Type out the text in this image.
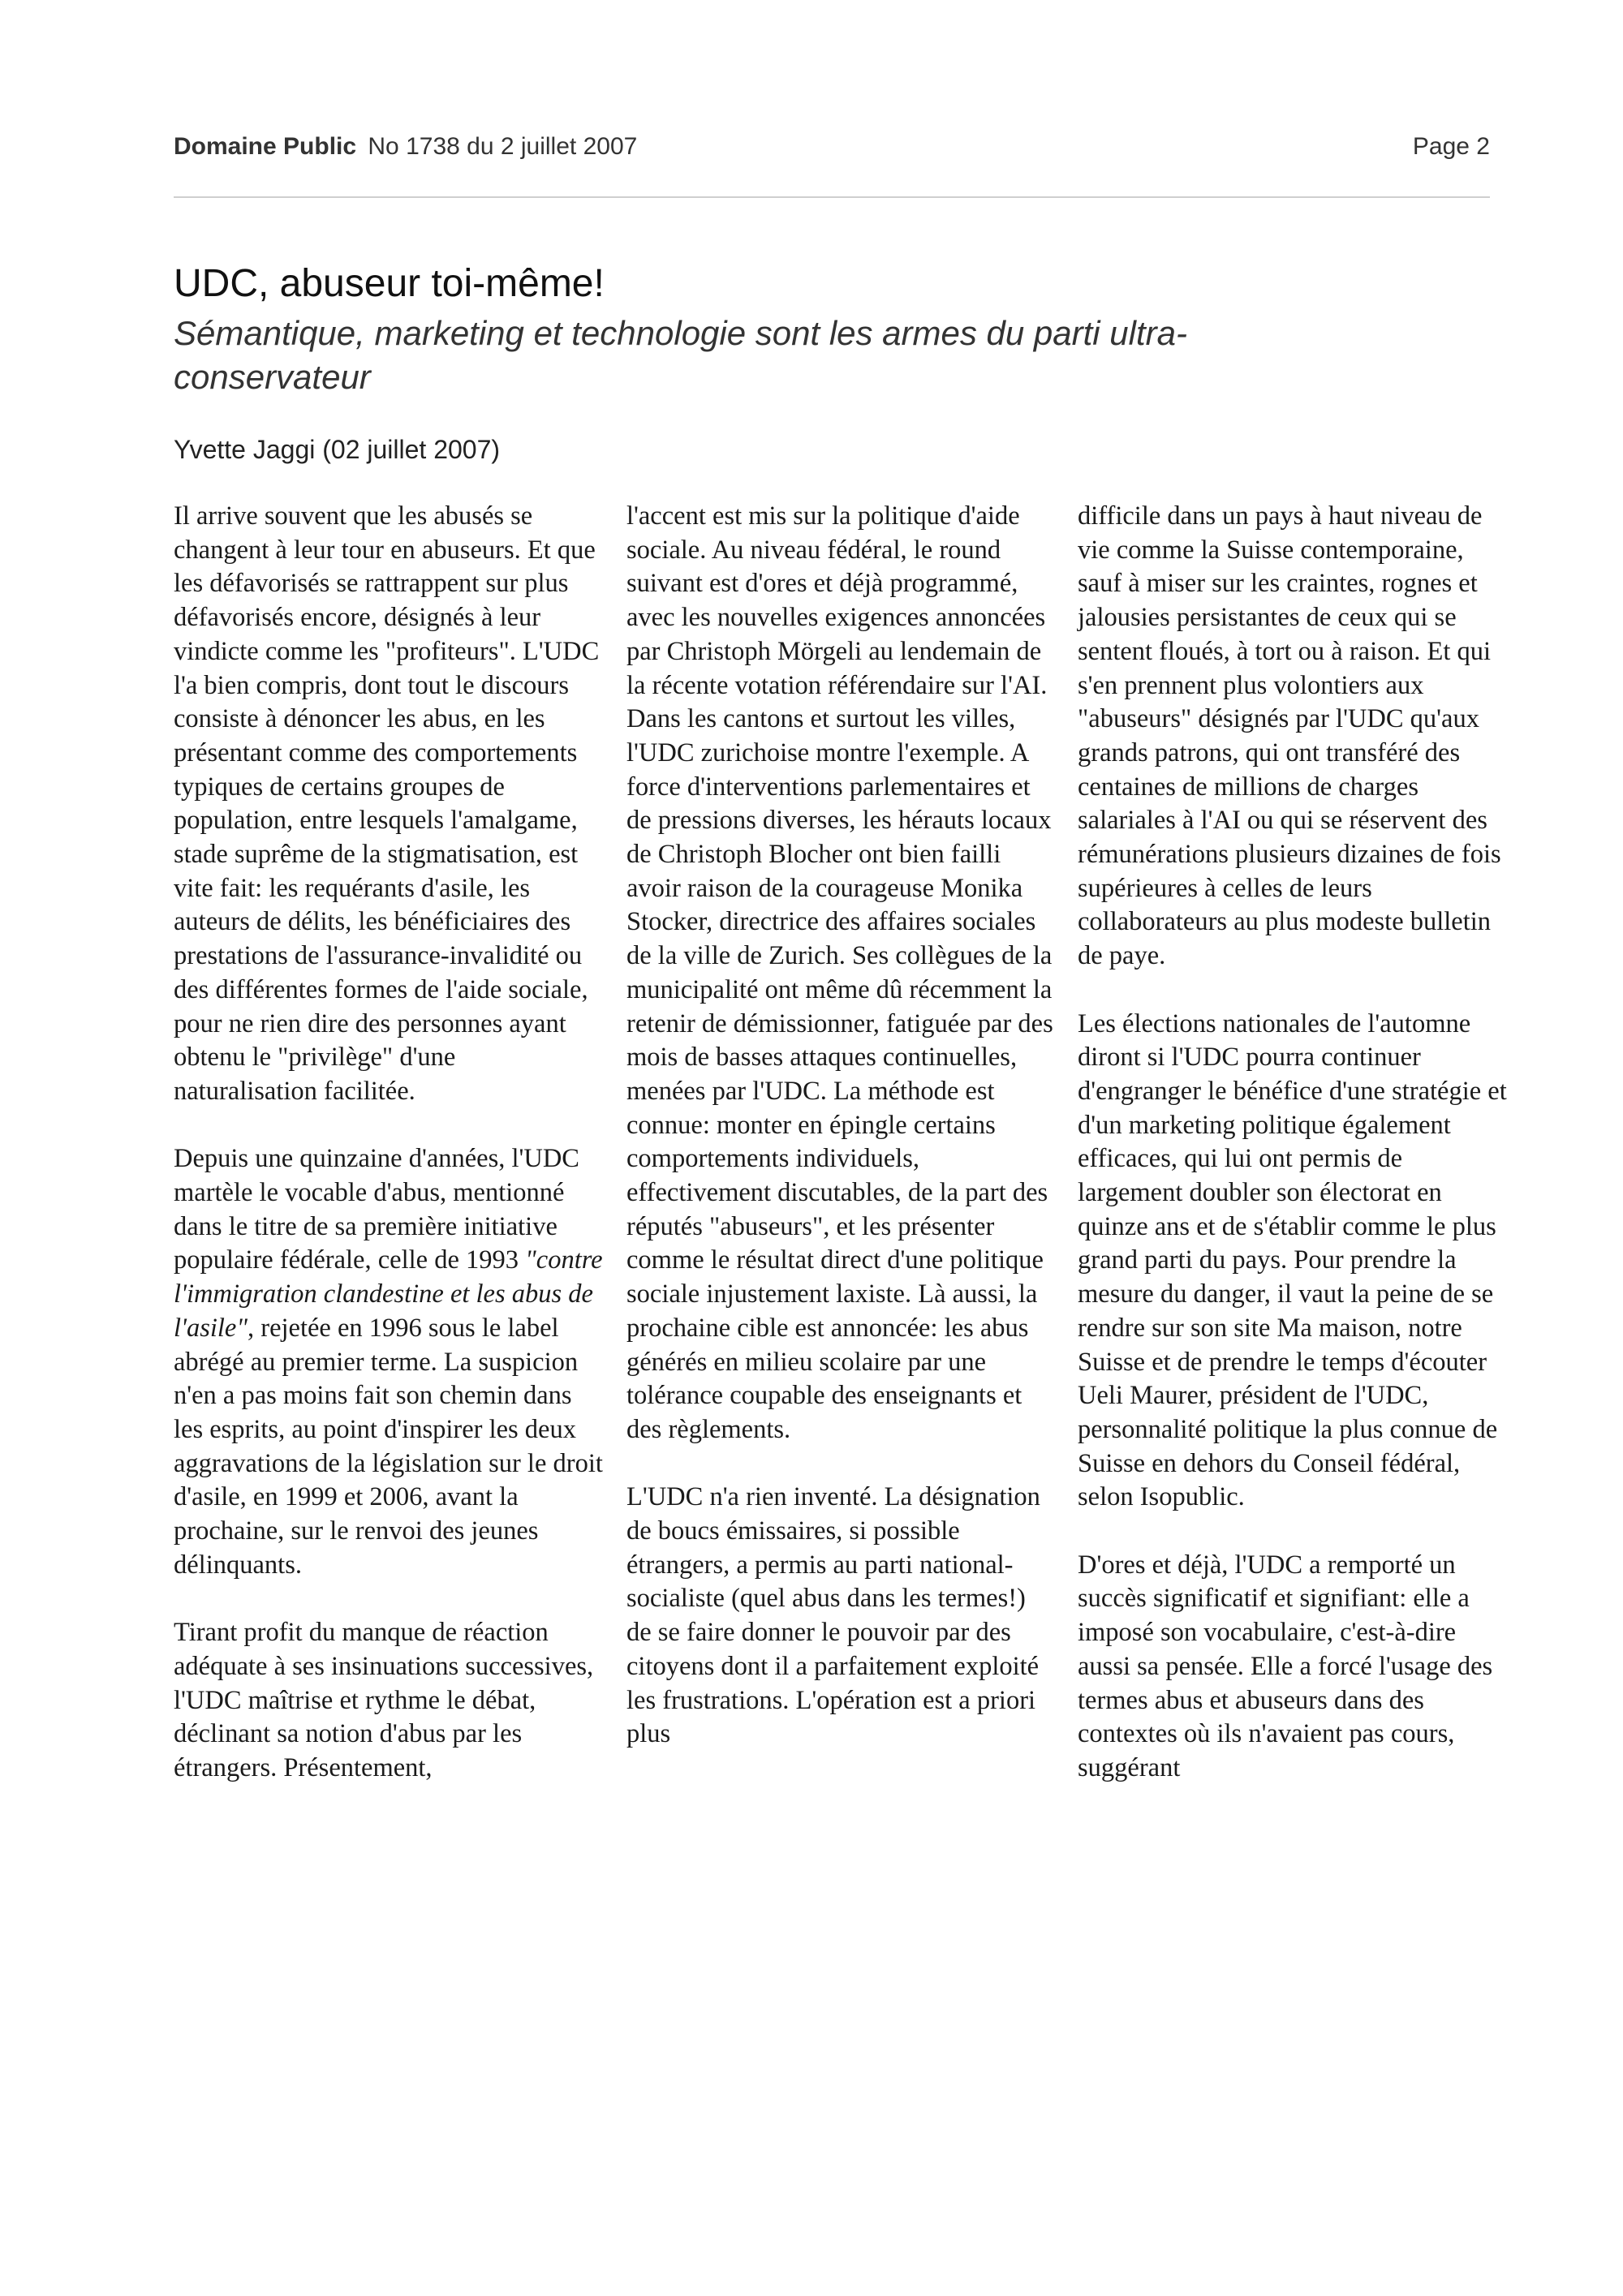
Domaine Public No 1738 du 2 juillet 2007	Page 2
UDC, abuseur toi-même!
Sémantique, marketing et technologie sont les armes du parti ultra-conservateur
Yvette Jaggi (02 juillet 2007)

Il arrive souvent que les abusés se changent à leur tour en abuseurs. Et que les défavorisés se rattrappent sur plus défavorisés encore, désignés à leur vindicte comme les "profiteurs". L'UDC l'a bien compris, dont tout le discours consiste à dénoncer les abus, en les présentant comme des comportements typiques de certains groupes de population, entre lesquels l'amalgame, stade suprême de la stigmatisation, est vite fait: les requérants d'asile, les auteurs de délits, les bénéficiaires des prestations de l'assurance-invalidité ou des différentes formes de l'aide sociale, pour ne rien dire des personnes ayant obtenu le "privilège" d'une naturalisation facilitée.

Depuis une quinzaine d'années, l'UDC martèle le vocable d'abus, mentionné dans le titre de sa première initiative populaire fédérale, celle de 1993 "contre l'immigration clandestine et les abus de l'asile", rejetée en 1996 sous le label abrégé au premier terme. La suspicion n'en a pas moins fait son chemin dans les esprits, au point d'inspirer les deux aggravations de la législation sur le droit d'asile, en 1999 et 2006, avant la prochaine, sur le renvoi des jeunes délinquants.

Tirant profit du manque de réaction adéquate à ses insinuations successives, l'UDC maîtrise et rythme le débat, déclinant sa notion d'abus par les étrangers. Présentement,

l'accent est mis sur la politique d'aide sociale. Au niveau fédéral, le round suivant est d'ores et déjà programmé, avec les nouvelles exigences annoncées par Christoph Mörgeli au lendemain de la récente votation référendaire sur l'AI. Dans les cantons et surtout les villes, l'UDC zurichoise montre l'exemple. A force d'interventions parlementaires et de pressions diverses, les hérauts locaux de Christoph Blocher ont bien failli avoir raison de la courageuse Monika Stocker, directrice des affaires sociales de la ville de Zurich. Ses collègues de la municipalité ont même dû récemment la retenir de démissionner, fatiguée par des mois de basses attaques continuelles, menées par l'UDC. La méthode est connue: monter en épingle certains comportements individuels, effectivement discutables, de la part des réputés "abuseurs", et les présenter comme le résultat direct d'une politique sociale injustement laxiste. Là aussi, la prochaine cible est annoncée: les abus générés en milieu scolaire par une tolérance coupable des enseignants et des règlements.

L'UDC n'a rien inventé. La désignation de boucs émissaires, si possible étrangers, a permis au parti national-socialiste (quel abus dans les termes!) de se faire donner le pouvoir par des citoyens dont il a parfaitement exploité les frustrations. L'opération est a priori plus

difficile dans un pays à haut niveau de vie comme la Suisse contemporaine, sauf à miser sur les craintes, rognes et jalousies persistantes de ceux qui se sentent floués, à tort ou à raison. Et qui s'en prennent plus volontiers aux "abuseurs" désignés par l'UDC qu'aux grands patrons, qui ont transféré des centaines de millions de charges salariales à l'AI ou qui se réservent des rémunérations plusieurs dizaines de fois supérieures à celles de leurs collaborateurs au plus modeste bulletin de paye.

Les élections nationales de l'automne diront si l'UDC pourra continuer d'engranger le bénéfice d'une stratégie et d'un marketing politique également efficaces, qui lui ont permis de largement doubler son électorat en quinze ans et de s'établir comme le plus grand parti du pays. Pour prendre la mesure du danger, il vaut la peine de se rendre sur son site Ma maison, notre Suisse et de prendre le temps d'écouter Ueli Maurer, président de l'UDC, personnalité politique la plus connue de Suisse en dehors du Conseil fédéral, selon Isopublic.

D'ores et déjà, l'UDC a remporté un succès significatif et signifiant: elle a imposé son vocabulaire, c'est-à-dire aussi sa pensée. Elle a forcé l'usage des termes abus et abuseurs dans des contextes où ils n'avaient pas cours, suggérant
